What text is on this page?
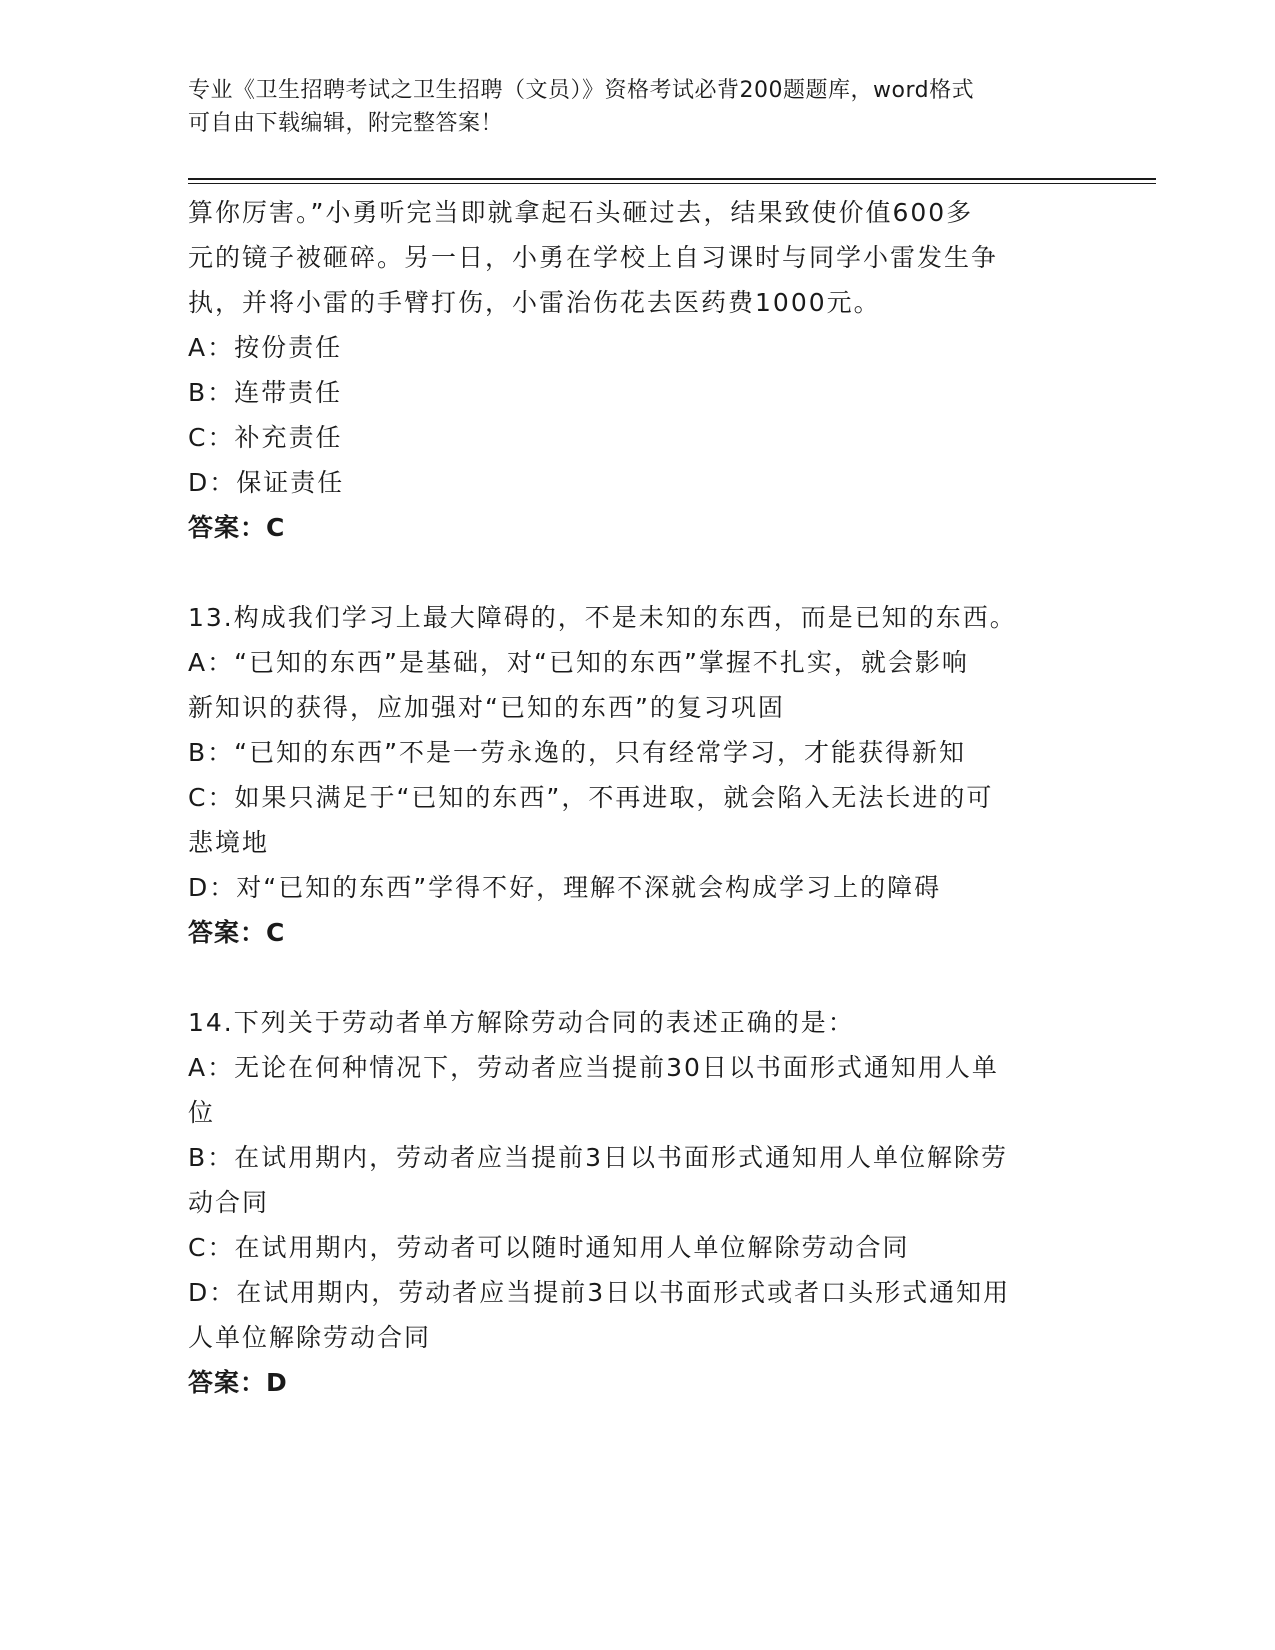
专业《卫生招聘考试之卫生招聘（文员）》资格考试必背200题题库，word格式
可自由下载编辑，附完整答案！
算你厉害。”小勇听完当即就拿起石头砸过去，结果致使价值600多
元的镜子被砸碎。另一日，小勇在学校上自习课时与同学小雷发生争
执，并将小雷的手臂打伤，小雷治伤花去医药费1000元。
A：按份责任
B：连带责任
C：补充责任
D：保证责任
答案：C
13.构成我们学习上最大障碍的，不是未知的东西，而是已知的东西。
A：“已知的东西”是基础，对“已知的东西”掌握不扎实，就会影响
新知识的获得，应加强对“已知的东西”的复习巩固
B：“已知的东西”不是一劳永逸的，只有经常学习，才能获得新知
C：如果只满足于“已知的东西”，不再进取，就会陷入无法长进的可
悲境地
D：对“已知的东西”学得不好，理解不深就会构成学习上的障碍
答案：C
14.下列关于劳动者单方解除劳动合同的表述正确的是：
A：无论在何种情况下，劳动者应当提前30日以书面形式通知用人单
位
B：在试用期内，劳动者应当提前3日以书面形式通知用人单位解除劳
动合同
C：在试用期内，劳动者可以随时通知用人单位解除劳动合同
D：在试用期内，劳动者应当提前3日以书面形式或者口头形式通知用
人单位解除劳动合同
答案：D
